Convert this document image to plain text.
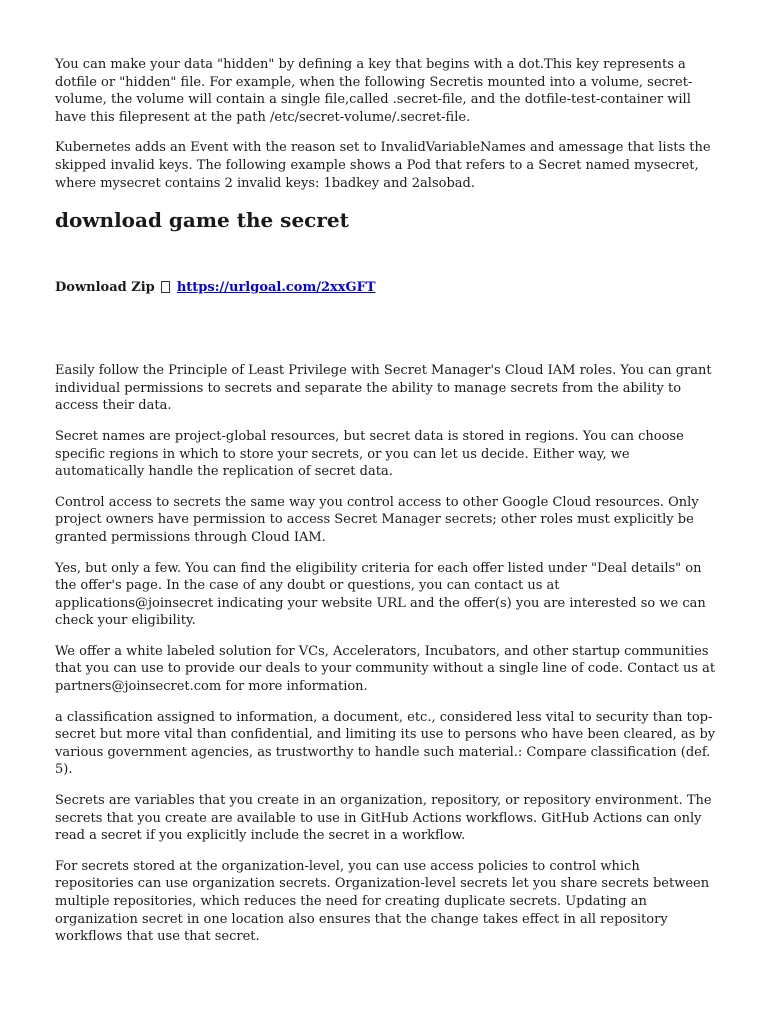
You can make your data "hidden" by defining a key that begins with a dot.This key represents a dotfile or "hidden" file. For example, when the following Secretis mounted into a volume, secret-volume, the volume will contain a single file,called .secret-file, and the dotfile-test-container will have this filepresent at the path /etc/secret-volume/.secret-file.

Kubernetes adds an Event with the reason set to InvalidVariableNames and amessage that lists the skipped invalid keys. The following example shows a Pod that refers to a Secret named mysecret, where mysecret contains 2 invalid keys: 1badkey and 2alsobad.

download game the secret
Download Zip https://urlgoal.com/2xxGFT

Easily follow the Principle of Least Privilege with Secret Manager's Cloud IAM roles. You can grant individual permissions to secrets and separate the ability to manage secrets from the ability to access their data.

Secret names are project-global resources, but secret data is stored in regions. You can choose specific regions in which to store your secrets, or you can let us decide. Either way, we automatically handle the replication of secret data.

Control access to secrets the same way you control access to other Google Cloud resources. Only project owners have permission to access Secret Manager secrets; other roles must explicitly be granted permissions through Cloud IAM.

Yes, but only a few. You can find the eligibility criteria for each offer listed under "Deal details" on the offer's page. In the case of any doubt or questions, you can contact us at applications@joinsecret indicating your website URL and the offer(s) you are interested so we can check your eligibility.

We offer a white labeled solution for VCs, Accelerators, Incubators, and other startup communities that you can use to provide our deals to your community without a single line of code. Contact us at partners@joinsecret.com for more information.

a classification assigned to information, a document, etc., considered less vital to security than top-secret but more vital than confidential, and limiting its use to persons who have been cleared, as by various government agencies, as trustworthy to handle such material.: Compare classification (def. 5).

Secrets are variables that you create in an organization, repository, or repository environment. The secrets that you create are available to use in GitHub Actions workflows. GitHub Actions can only read a secret if you explicitly include the secret in a workflow.

For secrets stored at the organization-level, you can use access policies to control which repositories can use organization secrets. Organization-level secrets let you share secrets between multiple repositories, which reduces the need for creating duplicate secrets. Updating an organization secret in one location also ensures that the change takes effect in all repository workflows that use that secret.
